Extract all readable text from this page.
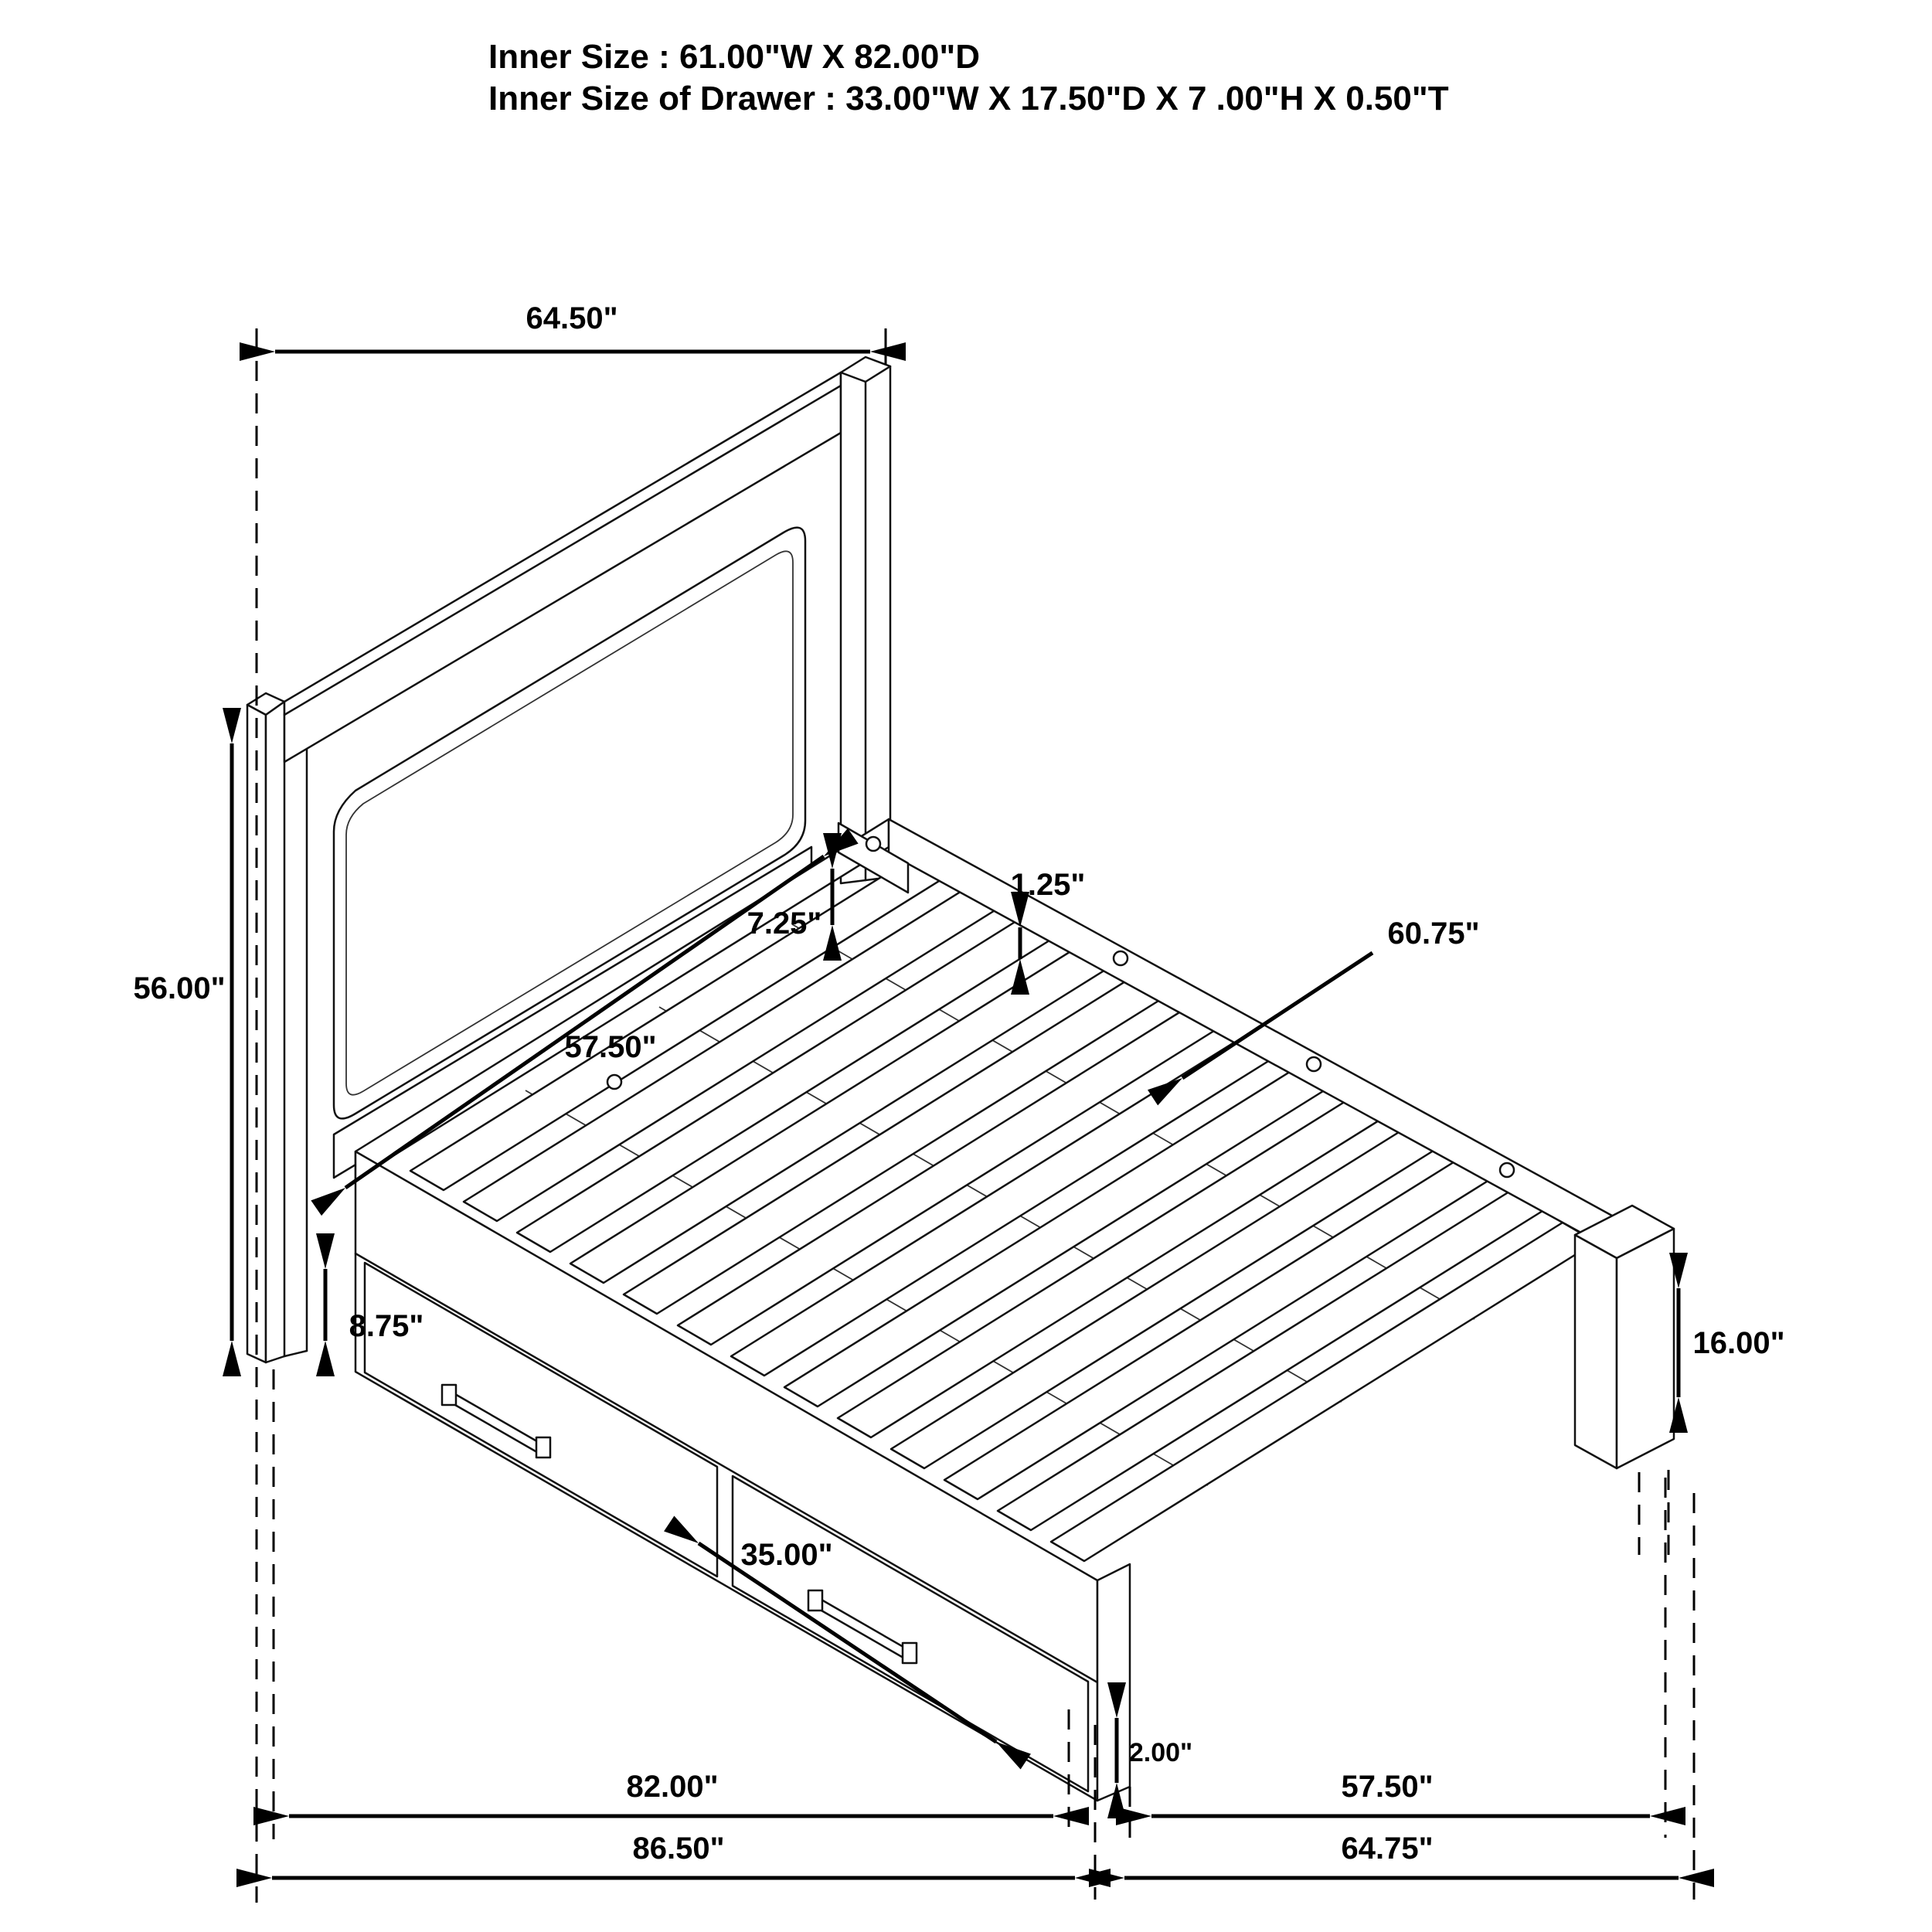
Inner Size : 61.00"W X 82.00"D
Inner Size of Drawer : 33.00"W X 17.50"D X 7 .00"H X 0.50"T
64.50"
56.00"
57.50"
7.25"
1.25"
60.75"
8.75"
35.00"
16.00"
2.00"
82.00"
86.50"
57.50"
64.75"
